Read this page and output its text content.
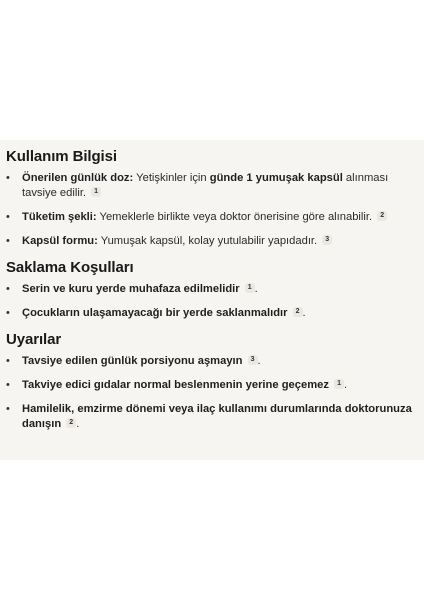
Kullanım Bilgisi
• Önerilen günlük doz: Yetişkinler için günde 1 yumuşak kapsül alınması tavsiye edilir. 1
• Tüketim şekli: Yemeklerle birlikte veya doktor önerisine göre alınabilir. 2
• Kapsül formu: Yumuşak kapsül, kolay yutulabilir yapıdadır. 3
Saklama Koşulları
• Serin ve kuru yerde muhafaza edilmelidir 1 .
• Çocukların ulaşamayacağı bir yerde saklanmalıdır 2 .
Uyarılar
• Tavsiye edilen günlük porsiyonu aşmayın 3 .
• Takviye edici gıdalar normal beslenmenin yerine geçemez 1 .
• Hamilelik, emzirme dönemi veya ilaç kullanımı durumlarında doktorunuza danışın 2 .
